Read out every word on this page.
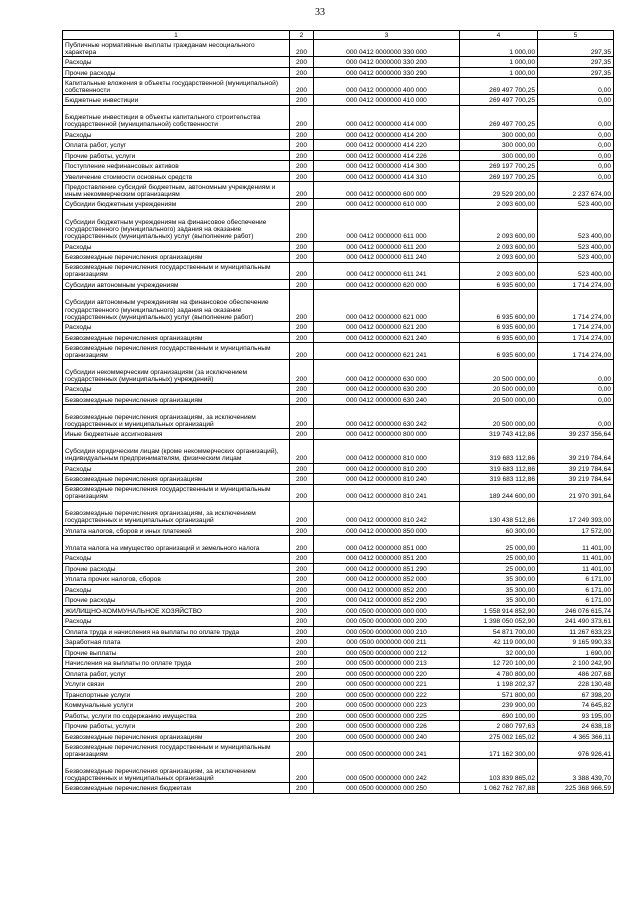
33
1	2	3	4	5
Публичные нормативные выплаты гражданам несоциального характера	200	000 0412 0000000 330 000	1 000,00	297,35
Расходы	200	000 0412 0000000 330 200	1 000,00	297,35
Прочие расходы	200	000 0412 0000000 330 290	1 000,00	297,35
Капитальные вложения в объекты государственной (муниципальной) собственности	200	000 0412 0000000 400 000	269 497 700,25	0,00
Бюджетные инвестиции	200	000 0412 0000000 410 000	269 497 700,25	0,00
Бюджетные инвестиции в объекты капитального строительства государственной (муниципальной) собственности	200	000 0412 0000000 414 000	269 497 700,25	0,00
Расходы	200	000 0412 0000000 414 200	300 000,00	0,00
Оплата работ, услуг	200	000 0412 0000000 414 220	300 000,00	0,00
Прочие работы, услуги	200	000 0412 0000000 414 226	300 000,00	0,00
Поступление нефинансовых активов	200	000 0412 0000000 414 300	269 197 700,25	0,00
Увеличение стоимости основных средств	200	000 0412 0000000 414 310	269 197 700,25	0,00
Предоставление субсидий бюджетным, автономным учреждениям и иным некоммерческим организациям	200	000 0412 0000000 600 000	29 529 200,00	2 237 674,00
Субсидии бюджетным учреждениям	200	000 0412 0000000 610 000	2 093 600,00	523 400,00
Субсидии бюджетным учреждениям на финансовое обеспечение государственного (муниципального) задания на оказание государственных (муниципальных) услуг (выполнение работ)	200	000 0412 0000000 611 000	2 093 600,00	523 400,00
Расходы	200	000 0412 0000000 611 200	2 093 600,00	523 400,00
Безвозмездные перечисления организациям	200	000 0412 0000000 611 240	2 093 600,00	523 400,00
Безвозмездные перечисления государственным и муниципальным организациям	200	000 0412 0000000 611 241	2 093 600,00	523 400,00
Субсидии автономным учреждениям	200	000 0412 0000000 620 000	6 935 600,00	1 714 274,00
Субсидии автономным учреждениям на финансовое обеспечение государственного (муниципального) задания на оказание государственных (муниципальных) услуг (выполнение работ)	200	000 0412 0000000 621 000	6 935 600,00	1 714 274,00
Расходы	200	000 0412 0000000 621 200	6 935 600,00	1 714 274,00
Безвозмездные перечисления организациям	200	000 0412 0000000 621 240	6 935 600,00	1 714 274,00
Безвозмездные перечисления государственным и муниципальным организациям	200	000 0412 0000000 621 241	6 935 600,00	1 714 274,00
Субсидии некоммерческим организациям (за исключением государственных (муниципальных) учреждений)	200	000 0412 0000000 630 000	20 500 000,00	0,00
Расходы	200	000 0412 0000000 630 200	20 500 000,00	0,00
Безвозмездные перечисления организациям	200	000 0412 0000000 630 240	20 500 000,00	0,00
Безвозмездные перечисления организациям, за исключением государственных и муниципальных организаций	200	000 0412 0000000 630 242	20 500 000,00	0,00
Иные бюджетные ассигнования	200	000 0412 0000000 800 000	319 743 412,86	39 237 356,64
Субсидии юридическим лицам (кроме некоммерческих организаций), индивидуальным предпринимателям, физическим лицам	200	000 0412 0000000 810 000	319 683 112,86	39 219 784,64
Расходы	200	000 0412 0000000 810 200	319 683 112,86	39 219 784,64
Безвозмездные перечисления организациям	200	000 0412 0000000 810 240	319 683 112,86	39 219 784,64
Безвозмездные перечисления государственным и муниципальным организациям	200	000 0412 0000000 810 241	189 244 600,00	21 970 391,64
Безвозмездные перечисления организациям, за исключением государственных и муниципальных организаций	200	000 0412 0000000 810 242	130 438 512,86	17 249 393,00
Уплата налогов, сборов и иных платежей	200	000 0412 0000000 850 000	60 300,00	17 572,00
Уплата налога на имущество организаций и земельного налога	200	000 0412 0000000 851 000	25 000,00	11 401,00
Расходы	200	000 0412 0000000 851 200	25 000,00	11 401,00
Прочие расходы	200	000 0412 0000000 851 290	25 000,00	11 401,00
Уплата прочих налогов, сборов	200	000 0412 0000000 852 000	35 300,00	6 171,00
Расходы	200	000 0412 0000000 852 200	35 300,00	6 171,00
Прочие расходы	200	000 0412 0000000 852 290	35 300,00	6 171,00
ЖИЛИЩНО-КОММУНАЛЬНОЕ ХОЗЯЙСТВО	200	000 0500 0000000 000 000	1 558 914 852,90	246 076 615,74
Расходы	200	000 0500 0000000 000 200	1 398 050 052,90	241 490 373,61
Оплата труда и начисления на выплаты по оплате труда	200	000 0500 0000000 000 210	54 871 700,00	11 267 633,23
Заработная плата	200	000 0500 0000000 000 211	42 119 000,00	9 165 990,33
Прочие выплаты	200	000 0500 0000000 000 212	32 000,00	1 690,00
Начисления на выплаты по оплате труда	200	000 0500 0000000 000 213	12 720 100,00	2 100 242,90
Оплата работ, услуг	200	000 0500 0000000 000 220	4 780 800,00	486 207,68
Услуги связи	200	000 0500 0000000 000 221	1 198 202,37	228 130,48
Транспортные услуги	200	000 0500 0000000 000 222	571 800,00	67 398,20
Коммунальные услуги	200	000 0500 0000000 000 223	239 900,00	74 645,82
Работы, услуги по содержанию имущества	200	000 0500 0000000 000 225	690 100,00	93 195,00
Прочие работы, услуги	200	000 0500 0000000 000 226	2 080 797,63	24 638,18
Безвозмездные перечисления организациям	200	000 0500 0000000 000 240	275 002 165,02	4 365 366,11
Безвозмездные перечисления государственным и муниципальным организациям	200	000 0500 0000000 000 241	171 162 300,00	976 926,41
Безвозмездные перечисления организациям, за исключением государственных и муниципальных организаций	200	000 0500 0000000 000 242	103 839 865,02	3 388 439,70
Безвозмездные перечисления бюджетам	200	000 0500 0000000 000 250	1 062 762 787,88	225 368 966,59
